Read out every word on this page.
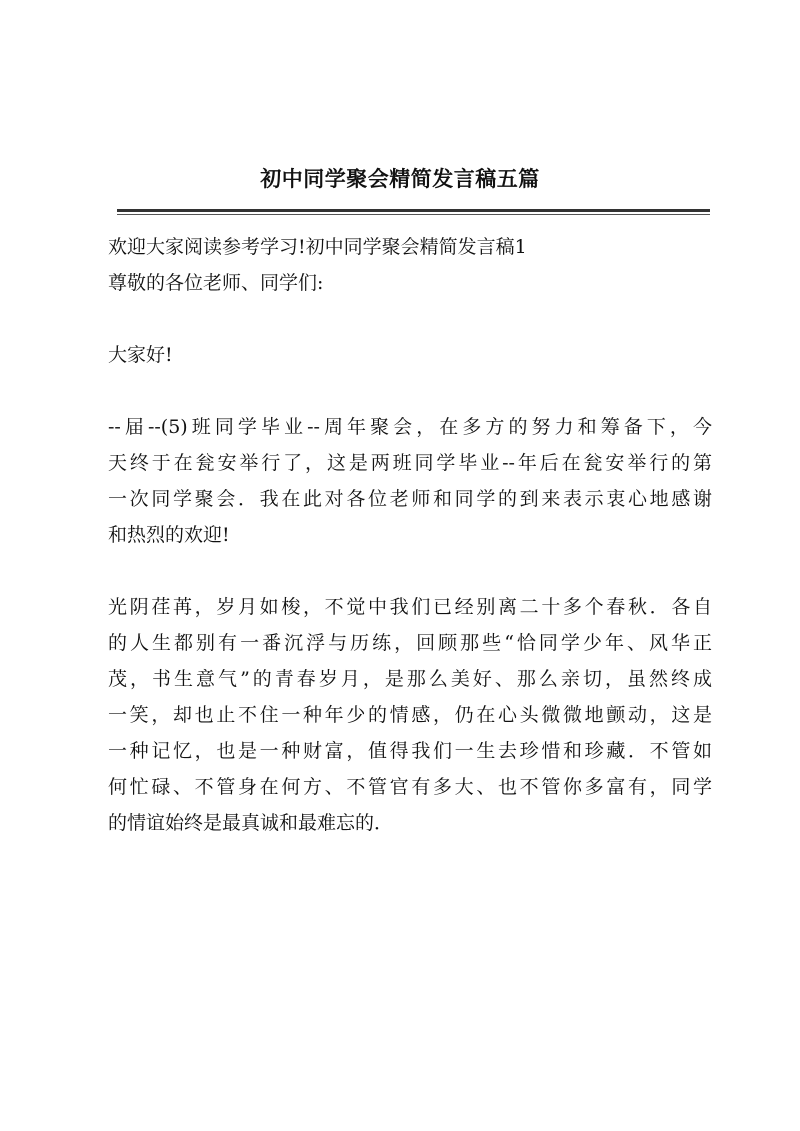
初中同学聚会精简发言稿五篇
欢迎大家阅读参考学习!初中同学聚会精简发言稿1
尊敬的各位老师、同学们:
大家好!
--届--(5)班同学毕业--周年聚会，在多方的努力和筹备下，今
天终于在瓮安举行了，这是两班同学毕业--年后在瓮安举行的第
一次同学聚会．我在此对各位老师和同学的到来表示衷心地感谢
和热烈的欢迎!
光阴荏苒，岁月如梭，不觉中我们已经别离二十多个春秋．各自
的人生都别有一番沉浮与历练，回顾那些“恰同学少年、风华正
茂，书生意气”的青春岁月，是那么美好、那么亲切，虽然终成
一笑，却也止不住一种年少的情感，仍在心头微微地颤动，这是
一种记忆，也是一种财富，值得我们一生去珍惜和珍藏．不管如
何忙碌、不管身在何方、不管官有多大、也不管你多富有，同学
的情谊始终是最真诚和最难忘的．
